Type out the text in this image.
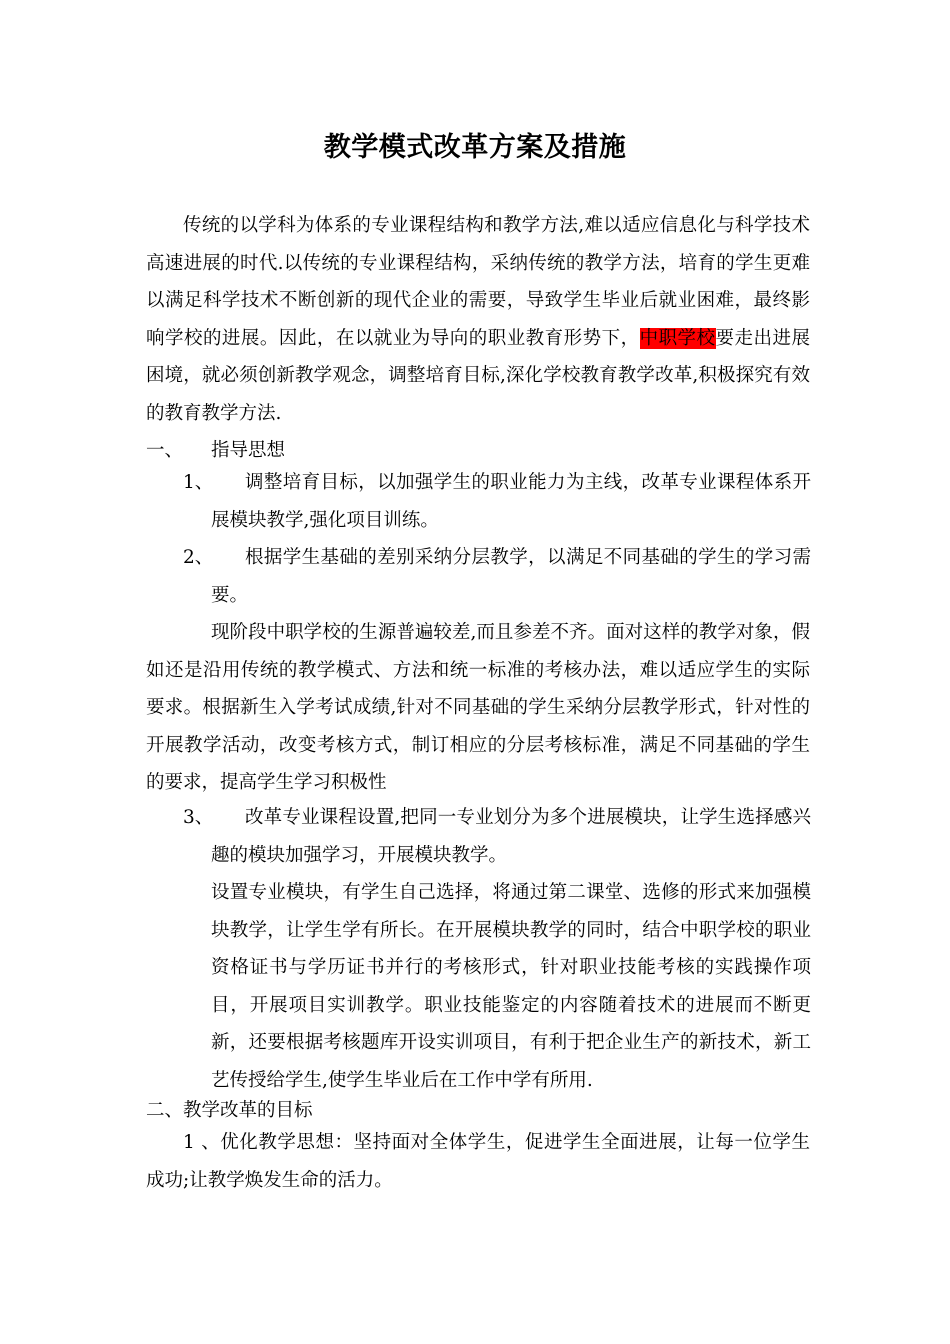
教学模式改革方案及措施

传统的以学科为体系的专业课程结构和教学方法,难以适应信息化与科学技术高速进展的时代.以传统的专业课程结构，采纳传统的教学方法，培育的学生更难以满足科学技术不断创新的现代企业的需要，导致学生毕业后就业困难，最终影响学校的进展。因此，在以就业为导向的职业教育形势下，中职学校要走出进展困境，就必须创新教学观念，调整培育目标,深化学校教育教学改革,积极探究有效的教育教学方法.

一、 指导思想
1、	调整培育目标，以加强学生的职业能力为主线，改革专业课程体系开展模块教学,强化项目训练。

2、	根据学生基础的差别采纳分层教学，以满足不同基础的学生的学习需要。

现阶段中职学校的生源普遍较差,而且参差不齐。面对这样的教学对象，假如还是沿用传统的教学模式、方法和统一标准的考核办法，难以适应学生的实际要求。根据新生入学考试成绩,针对不同基础的学生采纳分层教学形式，针对性的开展教学活动，改变考核方式，制订相应的分层考核标准，满足不同基础的学生的要求，提高学生学习积极性

3、	改革专业课程设置,把同一专业划分为多个进展模块，让学生选择感兴趣的模块加强学习，开展模块教学。

设置专业模块，有学生自己选择，将通过第二课堂、选修的形式来加强模块教学，让学生学有所长。在开展模块教学的同时，结合中职学校的职业资格证书与学历证书并行的考核形式，针对职业技能考核的实践操作项目，开展项目实训教学。职业技能鉴定的内容随着技术的进展而不断更新，还要根据考核题库开设实训项目，有利于把企业生产的新技术，新工艺传授给学生,使学生毕业后在工作中学有所用.

二、教学改革的目标

1 、优化教学思想：坚持面对全体学生，促进学生全面进展，让每一位学生成功;让教学焕发生命的活力。
